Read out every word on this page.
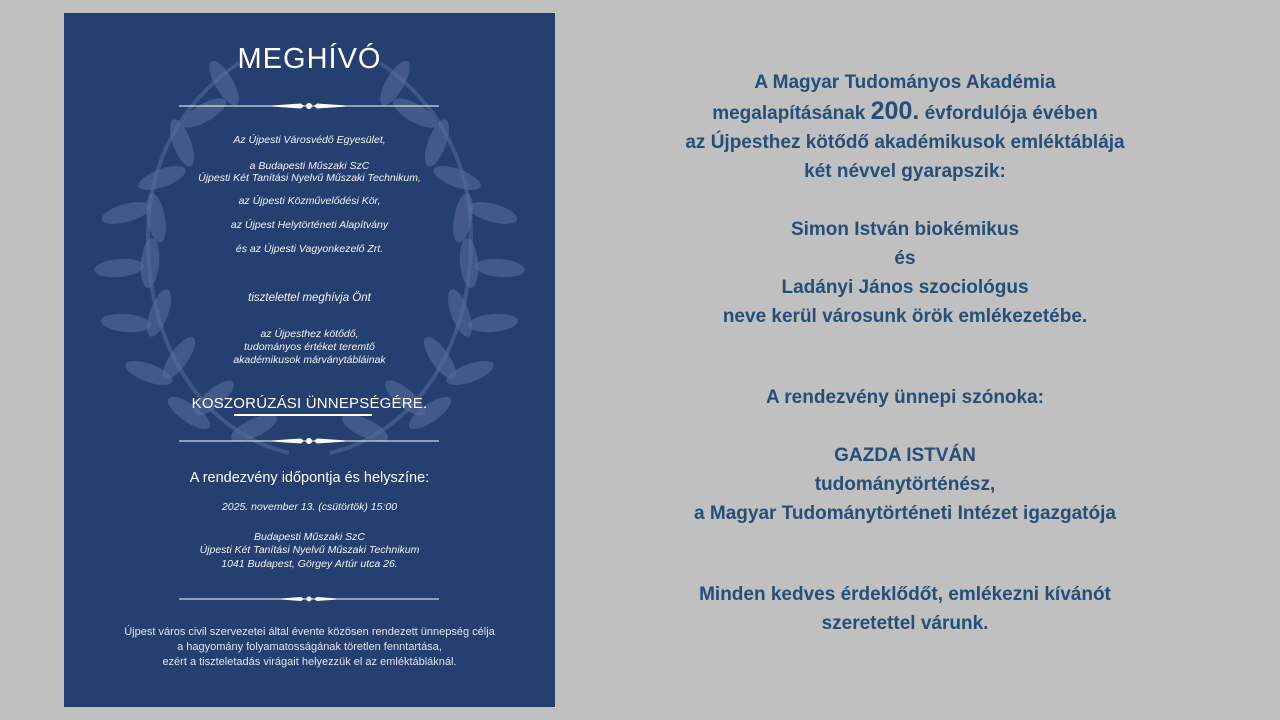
MEGHÍVÓ
Az Újpesti Városvédő Egyesület,
a Budapesti Műszaki SzC
Újpesti Két Tanítási Nyelvű Műszaki Technikum,
az Újpesti Közművelődési Kör,
az Újpest Helytörténeti Alapítvány
és az Újpesti Vagyonkezelő Zrt.
tisztelettel meghívja Önt
az Újpesthez kötődő,
tudományos értéket teremtő
akadémikusok márványtábláinak
KOSZORÚZÁSI ÜNNEPSÉGÉRE.
A rendezvény időpontja és helyszíne:
2025. november 13. (csütörtök) 15:00
Budapesti Műszaki SzC
Újpesti Két Tanítási Nyelvű Műszaki Technikum
1041 Budapest, Görgey Artúr utca 26.
Újpest város civil szervezetei által évente közösen rendezett ünnepség célja
a hagyomány folyamatosságának töretlen fenntartása,
ezért a tiszteletadás virágait helyezzük el az emléktábláknál.

A Magyar Tudományos Akadémia

megalapításának 200. évfordulója évében

az Újpesthez kötődő akadémikusok emléktáblája

két névvel gyarapszik:

Simon István biokémikus

és

Ladányi János szociológus

neve kerül városunk örök emlékezetébe.

A rendezvény ünnepi szónoka:

GAZDA ISTVÁN

tudománytörténész,

a Magyar Tudománytörténeti Intézet igazgatója

Minden kedves érdeklődőt, emlékezni kívánót

szeretettel várunk.
